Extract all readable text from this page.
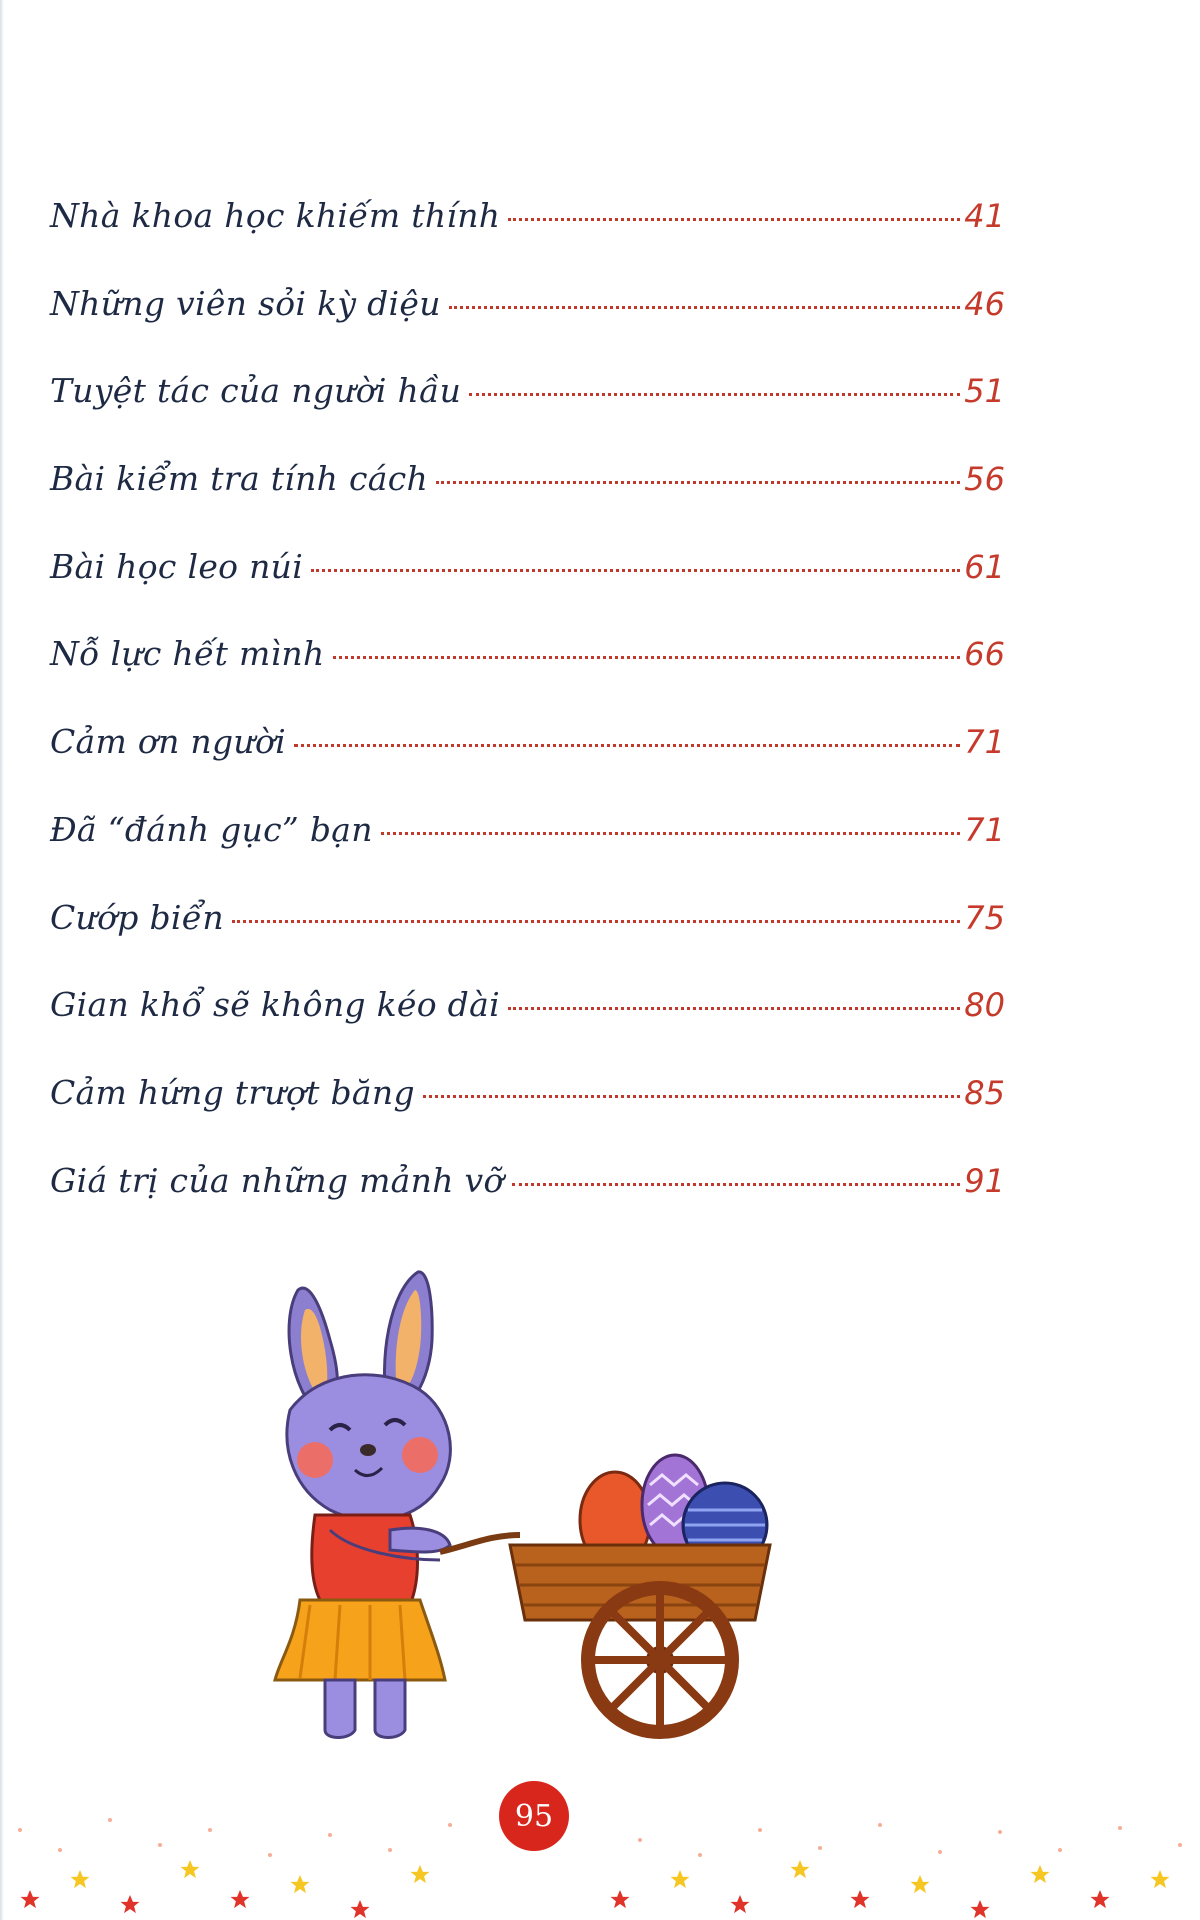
Nhà khoa học khiếm thính	41
Những viên sỏi kỳ diệu	46
Tuyệt tác của người hầu	51
Bài kiểm tra tính cách	56
Bài học leo núi	61
Nỗ lực hết mình	66
Cảm ơn người	71
Đã “đánh gục” bạn	71
Cướp biển	75
Gian khổ sẽ không kéo dài	80
Cảm hứng trượt băng	85
Giá trị của những mảnh vỡ	91
95
